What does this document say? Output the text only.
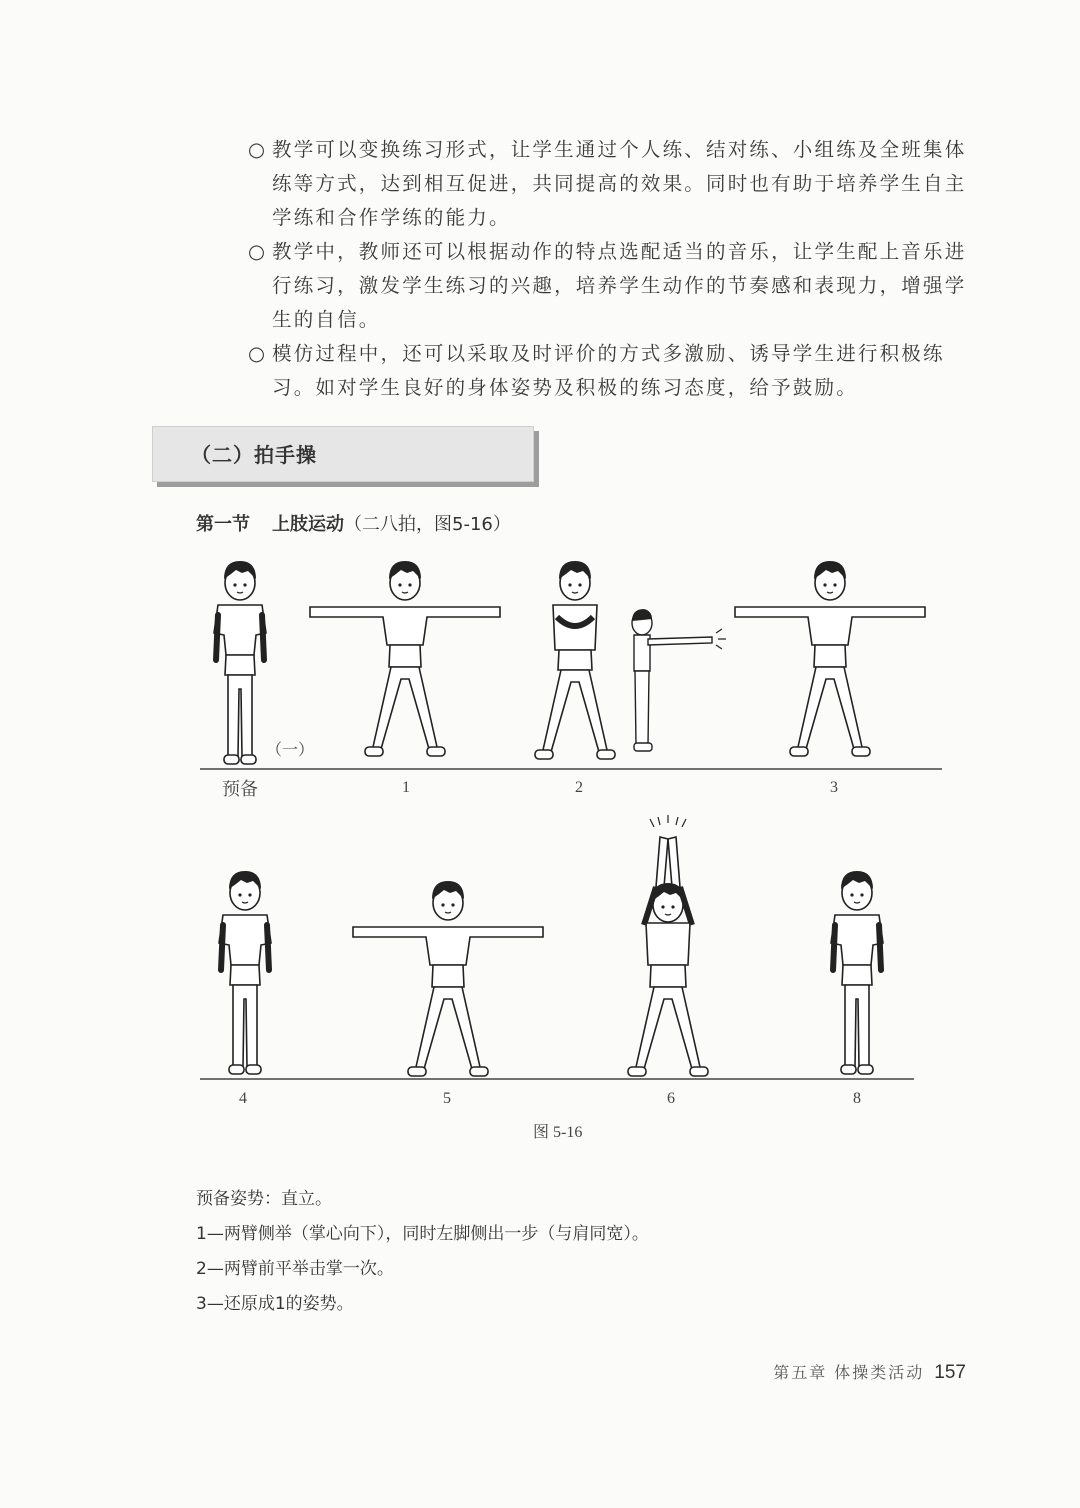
○ 教学可以变换练习形式，让学生通过个人练、结对练、小组练及全班集体练等方式，达到相互促进，共同提高的效果。同时也有助于培养学生自主学练和合作学练的能力。
○ 教学中，教师还可以根据动作的特点选配适当的音乐，让学生配上音乐进行练习，激发学生练习的兴趣，培养学生动作的节奏感和表现力，增强学生的自信。
○ 模仿过程中，还可以采取及时评价的方式多激励、诱导学生进行积极练习。如对学生良好的身体姿势及积极的练习态度，给予鼓励。
（二）拍手操
第一节 上肢运动（二八拍，图5-16）
（一）
预备	1	2	3
4	5	6	8
图 5-16
预备姿势：直立。
1—两臂侧举（掌心向下），同时左脚侧出一步（与肩同宽）。
2—两臂前平举击掌一次。
3—还原成1的姿势。
第五章 体操类活动 157
